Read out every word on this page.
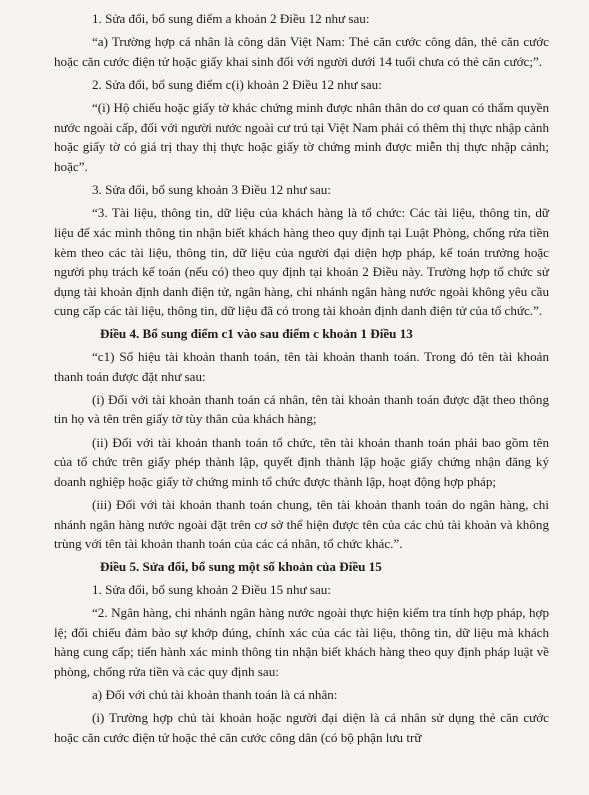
1. Sửa đổi, bổ sung điểm a khoản 2 Điều 12 như sau:

“a) Trường hợp cá nhân là công dân Việt Nam: Thẻ căn cước công dân, thẻ căn cước hoặc căn cước điện tử hoặc giấy khai sinh đối với người dưới 14 tuổi chưa có thẻ căn cước;”.

2. Sửa đổi, bổ sung điểm c(i) khoản 2 Điều 12 như sau:

“(i) Hộ chiếu hoặc giấy tờ khác chứng minh được nhân thân do cơ quan có thẩm quyền nước ngoài cấp, đối với người nước ngoài cư trú tại Việt Nam phải có thêm thị thực nhập cảnh hoặc giấy tờ có giá trị thay thị thực hoặc giấy tờ chứng minh được miễn thị thực nhập cảnh; hoặc”.

3. Sửa đổi, bổ sung khoản 3 Điều 12 như sau:

“3. Tài liệu, thông tin, dữ liệu của khách hàng là tổ chức: Các tài liệu, thông tin, dữ liệu để xác minh thông tin nhận biết khách hàng theo quy định tại Luật Phòng, chống rửa tiền kèm theo các tài liệu, thông tin, dữ liệu của người đại diện hợp pháp, kế toán trưởng hoặc người phụ trách kế toán (nếu có) theo quy định tại khoản 2 Điều này. Trường hợp tổ chức sử dụng tài khoản định danh điện tử, ngân hàng, chi nhánh ngân hàng nước ngoài không yêu cầu cung cấp các tài liệu, thông tin, dữ liệu đã có trong tài khoản định danh điện tử của tổ chức.”.

Điều 4. Bổ sung điểm c1 vào sau điểm c khoản 1 Điều 13

“c1) Số hiệu tài khoản thanh toán, tên tài khoản thanh toán. Trong đó tên tài khoản thanh toán được đặt như sau:

(i) Đối với tài khoản thanh toán cá nhân, tên tài khoản thanh toán được đặt theo thông tin họ và tên trên giấy tờ tùy thân của khách hàng;

(ii) Đối với tài khoản thanh toán tổ chức, tên tài khoản thanh toán phải bao gồm tên của tổ chức trên giấy phép thành lập, quyết định thành lập hoặc giấy chứng nhận đăng ký doanh nghiệp hoặc giấy tờ chứng minh tổ chức được thành lập, hoạt động hợp pháp;

(iii) Đối với tài khoản thanh toán chung, tên tài khoản thanh toán do ngân hàng, chi nhánh ngân hàng nước ngoài đặt trên cơ sở thể hiện được tên của các chủ tài khoản và không trùng với tên tài khoản thanh toán của các cá nhân, tổ chức khác.”.

Điều 5. Sửa đổi, bổ sung một số khoản của Điều 15

1. Sửa đổi, bổ sung khoản 2 Điều 15 như sau:

“2. Ngân hàng, chi nhánh ngân hàng nước ngoài thực hiện kiểm tra tính hợp pháp, hợp lệ; đối chiếu đảm bảo sự khớp đúng, chính xác của các tài liệu, thông tin, dữ liệu mà khách hàng cung cấp; tiến hành xác minh thông tin nhận biết khách hàng theo quy định pháp luật về phòng, chống rửa tiền và các quy định sau:

a) Đối với chủ tài khoản thanh toán là cá nhân:

(i) Trường hợp chủ tài khoản hoặc người đại diện là cá nhân sử dụng thẻ căn cước hoặc căn cước điện tử hoặc thẻ căn cước công dân (có bộ phận lưu trữ
